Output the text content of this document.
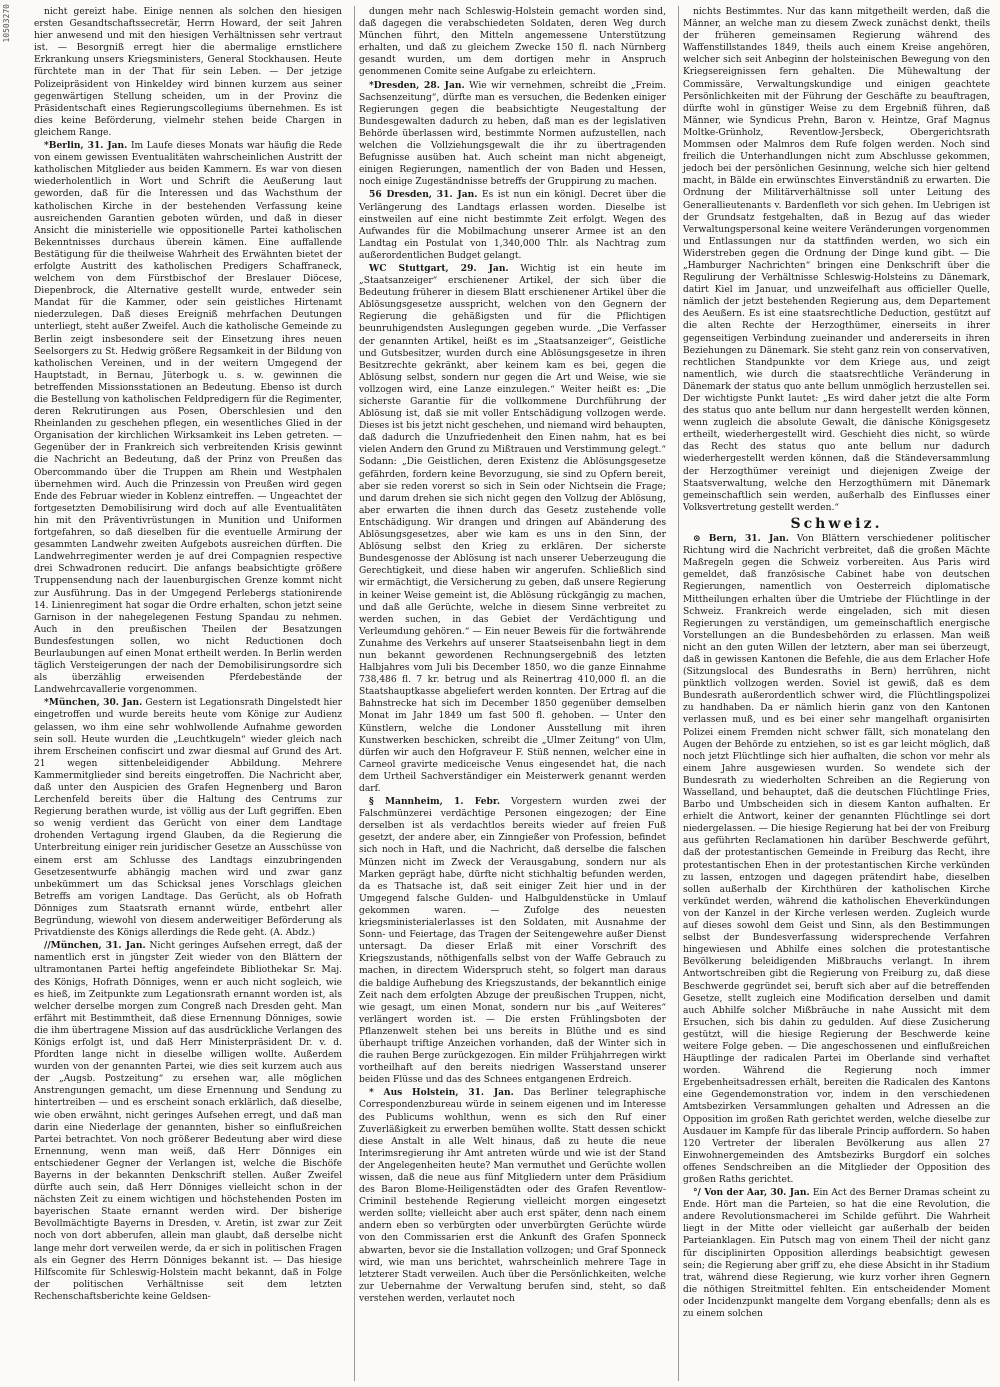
10503270	nicht gereizt habe. Einige nennen als solchen den hiesigen ersten Gesandtschaftssecretär, Herrn Howard, der seit Jahren hier anwesend und mit den hiesigen Verhältnissen sehr vertraut ist. — Besorgniß erregt hier die abermalige ernstlichere Erkrankung unsers Kriegsministers, General Stockhausen. Heute fürchtete man in der That für sein Leben. — Der jetzige Polizeipräsident von Hinkeldey wird binnen kurzem aus seiner gegenwärtigen Stellung scheiden, um in der Provinz die Präsidentschaft eines Regierungscollegiums übernehmen. Es ist dies keine Beförderung, vielmehr stehen beide Chargen in gleichem Range.

*Berlin, 31. Jan. Im Laufe dieses Monats war häufig die Rede von einem gewissen Eventualitäten wahrscheinlichen Austritt der katholischen Mitglieder aus beiden Kammern. Es war von diesen wiederholentlich in Wort und Schrift die Aeußerung laut geworden, daß für die Interessen und das Wachsthum der katholischen Kirche in der bestehenden Verfassung keine ausreichenden Garantien geboten würden, und daß in dieser Ansicht die ministerielle wie oppositionelle Partei katholischen Bekenntnisses durchaus überein kämen. Eine auffallende Bestätigung für die theilweise Wahrheit des Erwähnten bietet der erfolgte Austritt des katholischen Predigers Schaffraneck, welchem von dem Fürstbischof der Breslauer Diöcese, Diepenbrock, die Alternative gestellt wurde, entweder sein Mandat für die Kammer, oder sein geistliches Hirtenamt niederzulegen. Daß dieses Ereigniß mehrfachen Deutungen unterliegt, steht außer Zweifel. Auch die katholische Gemeinde zu Berlin zeigt insbesondere seit der Einsetzung ihres neuen Seelsorgers zu St. Hedwig größere Regsamkeit in der Bildung von katholischen Vereinen, und in der weitern Umgegend der Hauptstadt, in Bernau, Jüterbogk u. s. w. gewinnen die betreffenden Missionsstationen an Bedeutung. Ebenso ist durch die Bestellung von katholischen Feldpredigern für die Regimenter, deren Rekrutirungen aus Posen, Oberschlesien und den Rheinlanden zu geschehen pflegen, ein wesentliches Glied in der Organisation der kirchlichen Wirksamkeit ins Leben getreten. — Gegenüber der in Frankreich sich verbreitenden Krisis gewinnt die Nachricht an Bedeutung, daß der Prinz von Preußen das Obercommando über die Truppen am Rhein und Westphalen übernehmen wird. Auch die Prinzessin von Preußen wird gegen Ende des Februar wieder in Koblenz eintreffen. — Ungeachtet der fortgesetzten Demobilisirung wird doch auf alle Eventualitäten hin mit den Präventivrüstungen in Munition und Uniformen fortgefahren, so daß dieselben für die eventuelle Armirung der gesammten Landwehr zweiten Aufgebots ausreichen dürften. Die Landwehrregimenter werden je auf drei Compagnien respective drei Schwadronen reducirt. Die anfangs beabsichtigte größere Truppensendung nach der lauenburgischen Grenze kommt nicht zur Ausführung. Das in der Umgegend Perlebergs stationirende 14. Linienregiment hat sogar die Ordre erhalten, schon jetzt seine Garnison in der nahegelegenen Festung Spandau zu nehmen. Auch in den preußischen Theilen der Besatzungen Bundesfestungen sollen, wo nicht Reductionen doch Beurlaubungen auf einen Monat ertheilt werden. In Berlin werden täglich Versteigerungen der nach der Demobilisirungsordre sich als überzählig erweisenden Pferdebestände der Landwehrcavallerie vorgenommen.

*München, 30. Jan. Gestern ist Legationsrath Dingelstedt hier eingetroffen und wurde bereits heute vom Könige zur Audienz gelassen, wo ihm eine sehr wohlwollende Aufnahme geworden sein soll. Heute wurden die „Leuchtkugeln“ wieder gleich nach ihrem Erscheinen confiscirt und zwar diesmal auf Grund des Art. 21 wegen sittenbeleidigender Abbildung. Mehrere Kammermitglieder sind bereits eingetroffen. Die Nachricht aber, daß unter den Auspicien des Grafen Hegnenberg und Baron Lerchenfeld bereits über die Haltung des Centrums zur Regierung berathen wurde, ist völlig aus der Luft gegriffen. Eben so wenig verdient das Gerücht von einer dem Landtage drohenden Vertagung irgend Glauben, da die Regierung die Unterbreitung einiger rein juridischer Gesetze an Ausschüsse von einem erst am Schlusse des Landtags einzubringenden Gesetzesentwurfe abhängig machen wird und zwar ganz unbekümmert um das Schicksal jenes Vorschlags gleichen Betreffs am vorigen Landtage. Das Gerücht, als ob Hofrath Dönniges zum Staatsrath ernannt würde, entbehrt aller Begründung, wiewohl von diesem anderweitiger Beförderung als Privatdienste des Königs allerdings die Rede geht. (A. Abdz.)

//München, 31. Jan. Nicht geringes Aufsehen erregt, daß der namentlich erst in jüngster Zeit wieder von den Blättern der ultramontanen Partei heftig angefeindete Bibliothekar Sr. Maj. des Königs, Hofrath Dönniges, wenn er auch nicht sogleich, wie es hieß, im Zeitpunkte zum Legationsrath ernannt worden ist, als welcher derselbe morgen zum Congreß nach Dresden geht. Man erfährt mit Bestimmtheit, daß diese Ernennung Dönniges, sowie die ihm übertragene Mission auf das ausdrückliche Verlangen des Königs erfolgt ist, und daß Herr Ministerpräsident Dr. v. d. Pfordten lange nicht in dieselbe willigen wollte. Außerdem wurden von der genannten Partei, wie dies seit kurzem auch aus der „Augsb. Postzeitung“ zu ersehen war, alle möglichen Anstrengungen gemacht, um diese Ernennung und Sendung zu hintertreiben — und es erscheint sonach erklärlich, daß dieselbe, wie oben erwähnt, nicht geringes Aufsehen erregt, und daß man darin eine Niederlage der genannten, bisher so einflußreichen Partei betrachtet. Von noch größerer Bedeutung aber wird diese Ernennung, wenn man weiß, daß Herr Dönniges ein entschiedener Gegner der Verlangen ist, welche die Bischöfe Bayerns in der bekannten Denkschrift stellen. Außer Zweifel dürfte auch sein, daß Herr Dönniges vielleicht schon in der nächsten Zeit zu einem wichtigen und höchstehenden Posten im bayerischen Staate ernannt werden wird. Der bisherige Bevollmächtigte Bayerns in Dresden, v. Aretin, ist zwar zur Zeit noch von dort abberufen, allein man glaubt, daß derselbe nicht lange mehr dort verweilen werde, da er sich in politischen Fragen als ein Gegner des Herrn Dönniges bekannt ist. — Das hiesige Hilfscomite für Schleswig-Holstein macht bekannt, daß in Folge der politischen Verhältnisse seit dem letzten Rechenschaftsberichte keine Geldsen-

dungen mehr nach Schleswig-Holstein gemacht worden sind, daß dagegen die verabschiedeten Soldaten, deren Weg durch München führt, den Mitteln angemessene Unterstützung erhalten, und daß zu gleichem Zwecke 150 fl. nach Nürnberg gesandt wurden, um dem dortigen mehr in Anspruch genommenen Comite seine Aufgabe zu erleichtern.

*Dresden, 28. Jan. Wie wir vernehmen, schreibt die „Freim. Sachsenzeitung“, dürfte man es versuchen, die Bedenken einiger Regierungen gegen die beabsichtigte Neugestaltung der Bundesgewalten dadurch zu heben, daß man es der legislativen Behörde überlassen wird, bestimmte Normen aufzustellen, nach welchen die Vollziehungsgewalt die ihr zu übertragenden Befugnisse ausüben hat. Auch scheint man nicht abgeneigt, einigen Regierungen, namentlich der von Baden und Hessen, noch einige Zugeständnisse betreffs der Gruppirung zu machen.

56 Dresden, 31. Jan. Es ist nun ein königl. Decret über die Verlängerung des Landtags erlassen worden. Dieselbe ist einstweilen auf eine nicht bestimmte Zeit erfolgt. Wegen des Aufwandes für die Mobilmachung unserer Armee ist an den Landtag ein Postulat von 1,340,000 Thlr. als Nachtrag zum außerordentlichen Budget gelangt.

WC Stuttgart, 29. Jan. Wichtig ist ein heute im „Staatsanzeiger“ erschienener Artikel, der sich über die Bedeutung früherer in diesem Blatt erschienener Artikel über die Ablösungsgesetze ausspricht, welchen von den Gegnern der Regierung die gehäßigsten und für die Pflichtigen beunruhigendsten Auslegungen gegeben wurde. „Die Verfasser der genannten Artikel, heißt es im „Staatsanzeiger“, Geistliche und Gutsbesitzer, wurden durch eine Ablösungsgesetze in ihren Besitzrechte gekränkt, aber keinem kam es bei, gegen die Ablösung selbst, sondern nur gegen die Art und Weise, wie sie vollzogen wird, eine Lanze einzulegen.“ Weiter heißt es: „Die sicherste Garantie für die vollkommene Durchführung der Ablösung ist, daß sie mit voller Entschädigung vollzogen werde. Dieses ist bis jetzt nicht geschehen, und niemand wird behaupten, daß dadurch die Unzufriedenheit den Einen nahm, hat es bei vielen Andern den Grund zu Mißtrauen und Verstimmung gelegt.“ Sodann: „Die Geistlichen, deren Existenz die Ablösungsgesetze gefährden, fordern keine Bevorzugung, sie sind zu Opfern bereit, aber sie reden vorerst so sich in Sein oder Nichtsein die Frage; und darum drehen sie sich nicht gegen den Vollzug der Ablösung, aber erwarten die ihnen durch das Gesetz zustehende volle Entschädigung. Wir drangen und dringen auf Abänderung des Ablösungsgesetzes, aber wie kam es uns in den Sinn, der Ablösung selbst den Krieg zu erklären. Der sicherste Bundesgenosse der Ablösung ist nach unserer Ueberzeugung die Gerechtigkeit, und diese haben wir angerufen. Schließlich sind wir ermächtigt, die Versicherung zu geben, daß unsere Regierung in keiner Weise gemeint ist, die Ablösung rückgängig zu machen, und daß alle Gerüchte, welche in diesem Sinne verbreitet zu werden suchen, in das Gebiet der Verdächtigung und Verleumdung gehören.“ — Ein neuer Beweis für die fortwährende Zunahme des Verkehrs auf unserer Staatseisenbahn liegt in dem nun bekannt gewordenen Rechnungsergebniß des letzten Halbjahres vom Juli bis December 1850, wo die ganze Einnahme 738,486 fl. 7 kr. betrug und als Reinertrag 410,000 fl. an die Staatshauptkasse abgeliefert werden konnten. Der Ertrag auf die Bahnstrecke hat sich im December 1850 gegenüber demselben Monat im Jahr 1849 um fast 500 fl. gehoben. — Unter den Künstlern, welche die Londoner Ausstellung mit ihren Kunstwerken beschicken, schreibt die „Ulmer Zeitung“ von Ulm, dürfen wir auch den Hofgraveur F. Stüß nennen, welcher eine in Carneol gravirte mediceische Venus eingesendet hat, die nach dem Urtheil Sachverständiger ein Meisterwerk genannt werden darf.

§ Mannheim, 1. Febr. Vorgestern wurden zwei der Falschmünzerei verdächtige Personen eingezogen; der Eine derselben ist als verdachtlos bereits wieder auf freien Fuß gesetzt, der andere aber, ein Zinngießer von Profession, befindet sich noch in Haft, und die Nachricht, daß derselbe die falschen Münzen nicht im Zweck der Verausgabung, sondern nur als Marken geprägt habe, dürfte nicht stichhaltig befunden werden, da es Thatsache ist, daß seit einiger Zeit hier und in der Umgegend falsche Gulden- und Halbguldenstücke in Umlauf gekommen waren. — Zufolge des neuesten kriegsministerialerlasses ist den Soldaten, mit Ausnahme der Sonn- und Feiertage, das Tragen der Seitengewehre außer Dienst untersagt. Da dieser Erlaß mit einer Vorschrift des Kriegszustands, nöthigenfalls selbst von der Waffe Gebrauch zu machen, in directem Widerspruch steht, so folgert man daraus die baldige Aufhebung des Kriegszustands, der bekanntlich einige Zeit nach dem erfolgten Abzuge der preußischen Truppen, nicht, wie gesagt, um einen Monat, sondern nur bis „auf Weiteres“ verlängert worden ist. — Die ersten Frühlingsboten der Pflanzenwelt stehen bei uns bereits in Blüthe und es sind überhaupt triftige Anzeichen vorhanden, daß der Winter sich in die rauhen Berge zurückgezogen. Ein milder Frühjahrregen wirkt vortheilhaft auf den bereits niedrigen Wasserstand unserer beiden Flüsse und das des Schnees entgangenen Erdreich.

* Aus Holstein, 31. Jan. Das Berliner telegraphische Correspondenzbureau würde in seinem eigenen und im Interesse des Publicums wohlthun, wenn es sich den Ruf einer Zuverläßigkeit zu erwerben bemühen wollte. Statt dessen schickt diese Anstalt in alle Welt hinaus, daß zu heute die neue Interimsregierung ihr Amt antreten würde und wie ist der Stand der Angelegenheiten heute? Man vermuthet und Gerüchte wollen wissen, daß die neue aus fünf Mitgliedern unter dem Präsidium des Baron Blome-Heiligenstädten oder des Grafen Reventlow-Criminil bestehende Regierung vielleicht morgen eingesetzt werden sollte; vielleicht aber auch erst später, denn nach einem andern eben so verbürgten oder unverbürgten Gerüchte würde von den Commissarien erst die Ankunft des Grafen Sponneck abwarten, bevor sie die Installation vollzogen; und Graf Sponneck wird, wie man uns berichtet, wahrscheinlich mehrere Tage in letzterer Stadt verweilen. Auch über die Persönlichkeiten, welche zur Uebernahme der Verwaltung berufen sind, steht, so daß verstehen werden, verlautet noch

nichts Bestimmtes. Nur das kann mitgetheilt werden, daß die Männer, an welche man zu diesem Zweck zunächst denkt, theils der früheren gemeinsamen Regierung während des Waffenstillstandes 1849, theils auch einem Kreise angehören, welcher sich seit Anbeginn der holsteinischen Bewegung von den Kriegsereignissen fern gehalten. Die Mühewaltung der Commissäre, Verwaltungskundige und einigen geachtete Persönlichkeiten mit der Führung der Geschäfte zu beauftragen, dürfte wohl in günstiger Weise zu dem Ergebniß führen, daß Männer, wie Syndicus Prehn, Baron v. Heintze, Graf Magnus Moltke-Grünholz, Reventlow-Jersbeck, Obergerichtsrath Mommsen oder Malmros dem Rufe folgen werden. Noch sind freilich die Unterhandlungen nicht zum Abschlusse gekommen, jedoch bei der persönlichen Gesinnung, welche sich hier geltend macht, in Bälde ein erwünschtes Einverständniß zu erwarten. Die Ordnung der Militärverhältnisse soll unter Leitung des Generallieutenants v. Bardenfleth vor sich gehen. Im Uebrigen ist der Grundsatz festgehalten, daß in Bezug auf das wieder Verwaltungspersonal keine weitere Veränderungen vorgenommen und Entlassungen nur da stattfinden werden, wo sich ein Widerstreben gegen die Ordnung der Dinge kund gibt. — Die „Hamburger Nachrichten“ bringen eine Denkschrift über die Regulirung der Verhältnisse Schleswig-Holsteins zu Dänemark, datirt Kiel im Januar, und unzweifelhaft aus officieller Quelle, nämlich der jetzt bestehenden Regierung aus, dem Departement des Aeußern. Es ist eine staatsrechtliche Deduction, gestützt auf die alten Rechte der Herzogthümer, einerseits in ihrer gegenseitigen Verbindung zueinander und andererseits in ihren Beziehungen zu Dänemark. Sie steht ganz rein von conservativen, rechtlichen Standpunkte vor dem Kriege aus, und zeigt namentlich, wie durch die staatsrechtliche Veränderung in Dänemark der status quo ante bellum unmöglich herzustellen sei. Der wichtigste Punkt lautet: „Es wird daher jetzt die alte Form des status quo ante bellum nur dann hergestellt werden können, wenn zugleich die absolute Gewalt, die dänische Königsgesetz ertheilt, wiederhergestellt wird. Geschieht dies nicht, so würde das Recht des status quo ante bellum nur dadurch wiederhergestellt werden können, daß die Ständeversammlung der Herzogthümer vereinigt und diejenigen Zweige der Staatsverwaltung, welche den Herzogthümern mit Dänemark gemeinschaftlich sein werden, außerhalb des Einflusses einer Volksvertretung gestellt werden.“

Schweiz.

⊙ Bern, 31. Jan. Von Blättern verschiedener politischer Richtung wird die Nachricht verbreitet, daß die großen Mächte Maßregeln gegen die Schweiz vorbereiten. Aus Paris wird gemeldet, daß französische Cabinet habe von deutschen Regierungen, namentlich von Oesterreich diplomatische Mittheilungen erhalten über die Umtriebe der Flüchtlinge in der Schweiz. Frankreich werde eingeladen, sich mit diesen Regierungen zu verständigen, um gemeinschaftlich energische Vorstellungen an die Bundesbehörden zu erlassen. Man weiß nicht an den guten Willen der letztern, aber man sei überzeugt, daß in gewissen Kantonen die Befehle, die aus dem Erlacher Hofe (Sitzungslocal des Bundesraths in Bern) herrühren, nicht pünktlich vollzogen werden. Soviel ist gewiß, daß es dem Bundesrath außerordentlich schwer wird, die Flüchtlingspolizei zu handhaben. Da er nämlich hierin ganz von den Kantonen verlassen muß, und es bei einer sehr mangelhaft organisirten Polizei einem Fremden nicht schwer fällt, sich monatelang den Augen der Behörde zu entziehen, so ist es gar leicht möglich, daß noch jetzt Flüchtlinge sich hier aufhalten, die schon vor mehr als einem Jahre ausgewiesen wurden. So wendete sich der Bundesrath zu wiederholten Schreiben an die Regierung von Wasselland, und behauptet, daß die deutschen Flüchtlinge Fries, Barbo und Umbscheiden sich in diesem Kanton aufhalten. Er erhielt die Antwort, keiner der genannten Flüchtlinge sei dort niedergelassen. — Die hiesige Regierung hat bei der von Freiburg aus geführten Reclamationen hin darüber Beschwerde geführt, daß der protestantischen Gemeinde in Freiburg das Recht, ihre protestantischen Ehen in der protestantischen Kirche verkünden zu lassen, entzogen und dagegen prätendirt habe, dieselben sollen außerhalb der Kirchthüren der katholischen Kirche verkündet werden, während die katholischen Eheverkündungen von der Kanzel in der Kirche verlesen werden. Zugleich wurde auf dieses sowohl dem Geist und Sinn, als den Bestimmungen selbst der Bundesverfassung widersprechende Verfahren hingewiesen und Abhilfe eines solchen die protestantische Bevölkerung beleidigenden Mißbrauchs verlangt. In ihrem Antwortschreiben gibt die Regierung von Freiburg zu, daß diese Beschwerde gegründet sei, beruft sich aber auf die betreffenden Gesetze, stellt zugleich eine Modification derselben und damit auch Abhilfe solcher Mißbräuche in nahe Aussicht mit dem Ersuchen, sich bis dahin zu gedulden. Auf diese Zusicherung gestützt, will die hiesige Regierung der Beschwerde keine weitere Folge geben. — Die angeschossenen und einflußreichen Häuptlinge der radicalen Partei im Oberlande sind verhaftet worden. Während die Regierung noch immer Ergebenheitsadressen erhält, bereiten die Radicalen des Kantons eine Gegendemonstration vor, indem in den verschiedenen Amtsbezirken Versammlungen gehalten und Adressen an die Opposition im großen Rath gerichtet werden, welche dieselbe zur Ausdauer im Kampfe für das liberale Princip auffordern. So haben 120 Vertreter der liberalen Bevölkerung aus allen 27 Einwohnergemeinden des Amtsbezirks Burgdorf ein solches offenes Sendschreiben an die Mitglieder der Opposition des großen Raths gerichtet.

°/ Von der Aar, 30. Jan. Ein Act des Berner Dramas scheint zu Ende. Hört man die Parteien, so hat die eine Revolution, die andere Revolutionsmacherei im Schilde geführt. Die Wahrheit liegt in der Mitte oder vielleicht gar außerhalb der beiden Parteianklagen. Ein Putsch mag von einem Theil der nicht ganz für disciplinirten Opposition allerdings beabsichtigt gewesen sein; die Regierung aber griff zu, ehe diese Absicht in ihr Stadium trat, während diese Regierung, wie kurz vorher ihren Gegnern die nöthigen Streitmittel fehlten. Ein entscheidender Moment oder Incidenzpunkt mangelte dem Vorgang ebenfalls; denn als es zu einem solchen
